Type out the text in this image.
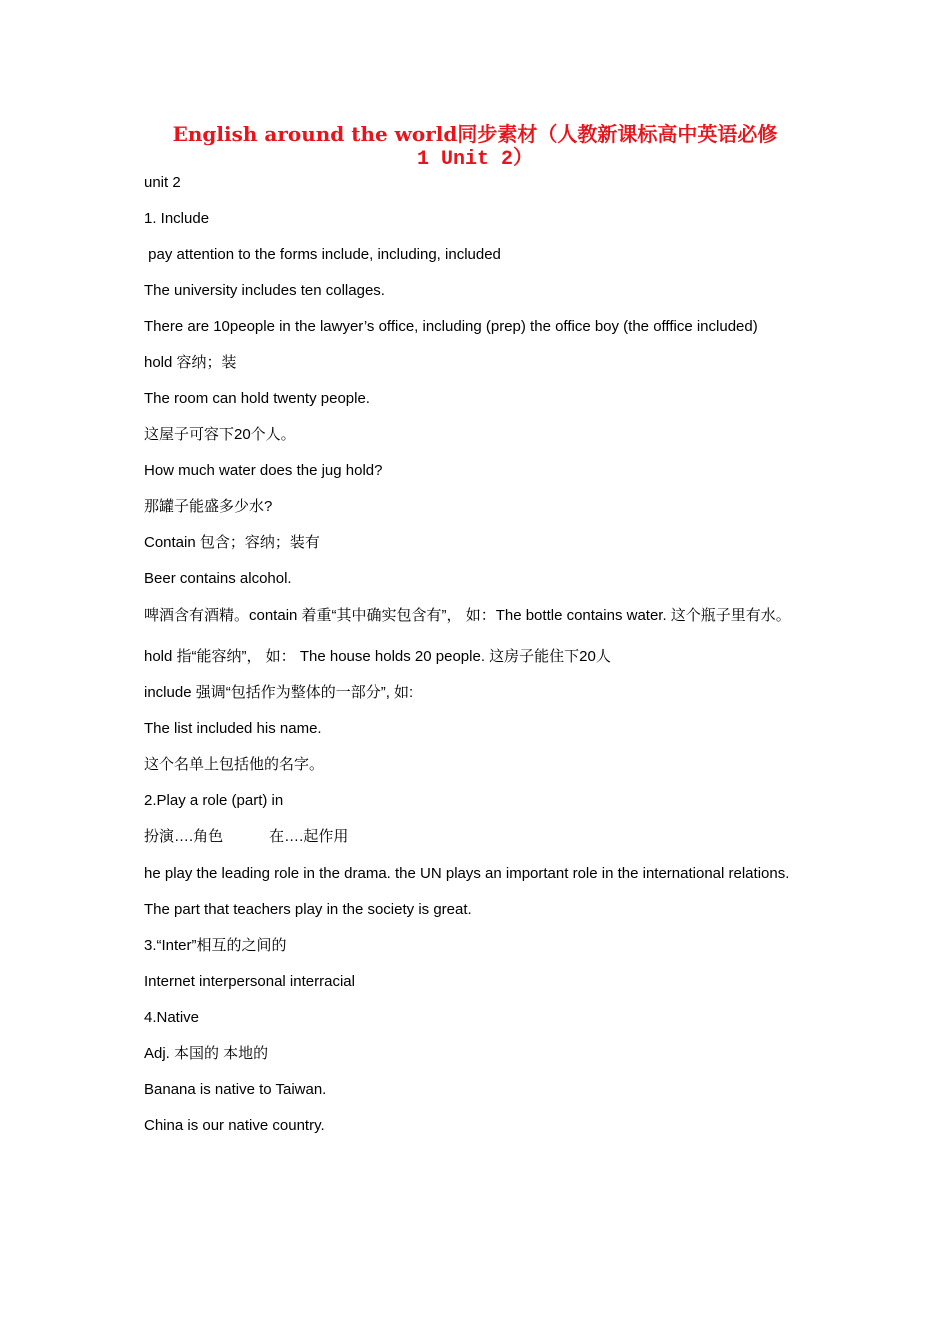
English around the world同步素材（人教新课标高中英语必修
1 Unit 2）
unit 2
1. Include
pay attention to the forms include, including, included
The university includes ten collages.
There are 10people in the lawyer’s office, including (prep) the office boy (the offfice included)
hold 容纳；装
The room can hold twenty people.
这屋子可容下20个人。
How much water does the jug hold?
那罐子能盛多少水?
Contain 包含；容纳；装有
Beer contains alcohol.
啤酒含有酒精。contain 着重“其中确实包含有”， 如：The bottle contains water. 这个瓶子里有水。 hold 指“能容纳”， 如： The house holds 20 people. 这房子能住下20人
include 强调“包括作为整体的一部分”, 如:
The list included his name.
这个名单上包括他的名字。
2.Play a role (part) in
扮演….角色	在….起作用
he play the leading role in the drama. the UN plays an important role in the international relations.
The part that teachers play in the society is great.
3.“Inter”相互的之间的
Internet interpersonal interracial
4.Native
Adj. 本国的 本地的
Banana is native to Taiwan.
China is our native country.
